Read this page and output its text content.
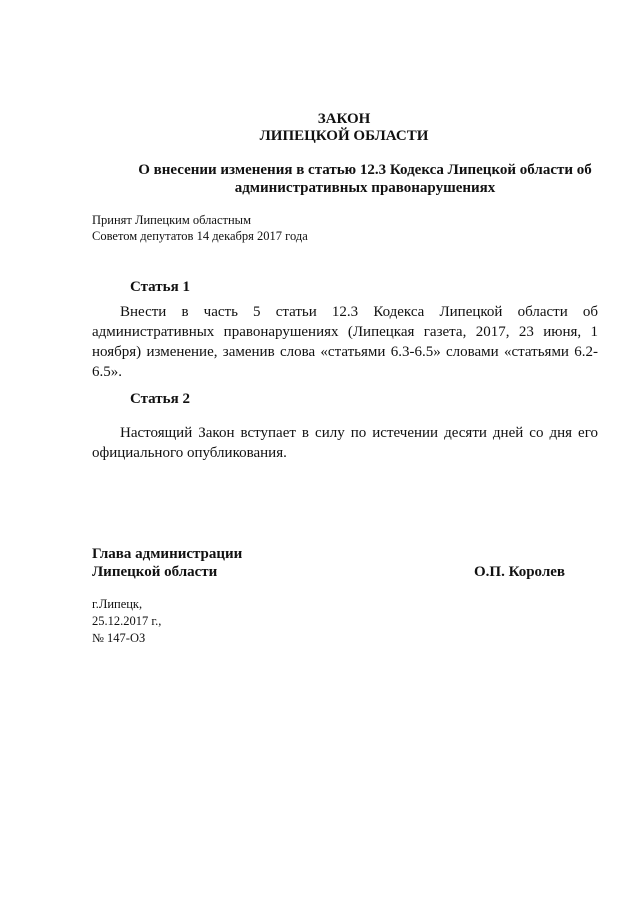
ЗАКОН
ЛИПЕЦКОЙ ОБЛАСТИ
О внесении изменения в статью 12.3 Кодекса Липецкой области об
административных правонарушениях
Принят Липецким областным
Советом депутатов 14 декабря 2017 года
Статья 1
Внести в часть 5 статьи 12.3 Кодекса Липецкой области об административных правонарушениях (Липецкая газета, 2017, 23 июня, 1 ноября) изменение, заменив слова «статьями 6.3-6.5» словами «статьями 6.2-6.5».
Статья 2
Настоящий Закон вступает в силу по истечении десяти дней со дня его официального опубликования.
Глава администрации
Липецкой области	О.П. Королев
г.Липецк,
25.12.2017 г.,
№ 147-ОЗ
